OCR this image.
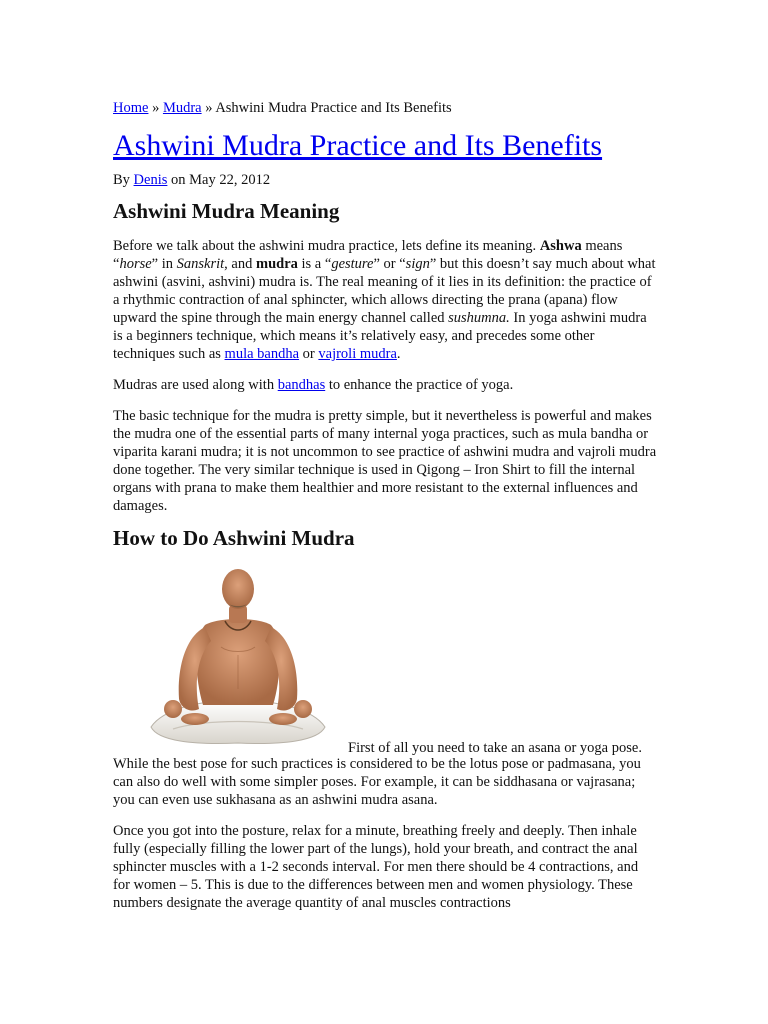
Home » Mudra » Ashwini Mudra Practice and Its Benefits
Ashwini Mudra Practice and Its Benefits
By Denis on May 22, 2012
Ashwini Mudra Meaning

Before we talk about the ashwini mudra practice, lets define its meaning. Ashwa means “horse” in Sanskrit, and mudra is a “gesture” or “sign” but this doesn’t say much about what ashwini (asvini, ashvini) mudra is. The real meaning of it lies in its definition: the practice of a rhythmic contraction of anal sphincter, which allows directing the prana (apana) flow upward the spine through the main energy channel called sushumna. In yoga ashwini mudra is a beginners technique, which means it’s relatively easy, and precedes some other techniques such as mula bandha or vajroli mudra.

Mudras are used along with bandhas to enhance the practice of yoga.

The basic technique for the mudra is pretty simple, but it nevertheless is powerful and makes the mudra one of the essential parts of many internal yoga practices, such as mula bandha or viparita karani mudra; it is not uncommon to see practice of ashwini mudra and vajroli mudra done together. The very similar technique is used in Qigong – Iron Shirt to fill the internal organs with prana to make them healthier and more resistant to the external influences and damages.

How to Do Ashwini Mudra
First of all you need to take an asana or yoga pose.

While the best pose for such practices is considered to be the lotus pose or padmasana, you can also do well with some simpler poses. For example, it can be siddhasana or vajrasana; you can even use sukhasana as an ashwini mudra asana.

Once you got into the posture, relax for a minute, breathing freely and deeply. Then inhale fully (especially filling the lower part of the lungs), hold your breath, and contract the anal sphincter muscles with a 1-2 seconds interval. For men there should be 4 contractions, and for women – 5. This is due to the differences between men and women physiology. These numbers designate the average quantity of anal muscles contractions
